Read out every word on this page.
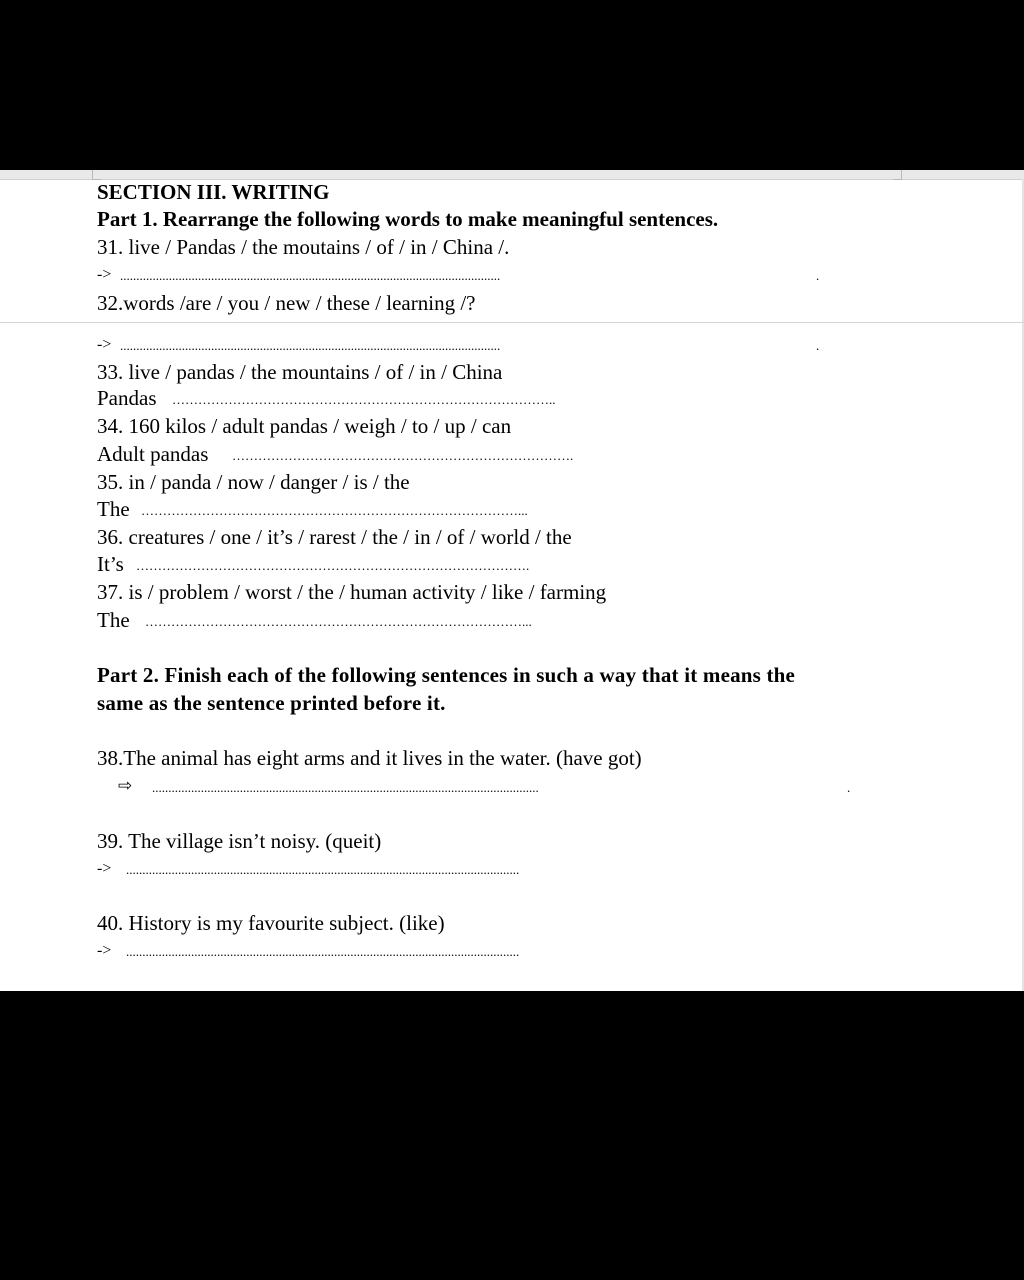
SECTION III. WRITING
Part 1. Rearrange the following words to make meaningful sentences.
31. live / Pandas / the moutains / of / in / China /.
-> .....................................................................................................................	.
32.words /are / you / new / these / learning /?
-> .....................................................................................................................	.
33. live / pandas / the mountains / of / in / China
Pandas ……………………………………………………………………………..
34. 160 kilos / adult pandas / weigh / to / up / can
Adult pandas …………………………………………………………………….
35. in / panda / now / danger / is / the
The ……………………………………………………………………………...
36. creatures / one / it’s / rarest / the / in / of / world / the
It’s ……………………………………………………………………………….
37. is / problem / worst / the / human activity / like / farming
The ……………………………………………………………………………...
Part 2. Finish each of the following sentences in such a way that it means the
same as the sentence printed before it.
38.The animal has eight arms and it lives in the water. (have got)
⇨ .......................................................................................................................	.
39. The village isn’t noisy. (queit)
-> .........................................................................................................................
40. History is my favourite subject. (like)
-> .........................................................................................................................
